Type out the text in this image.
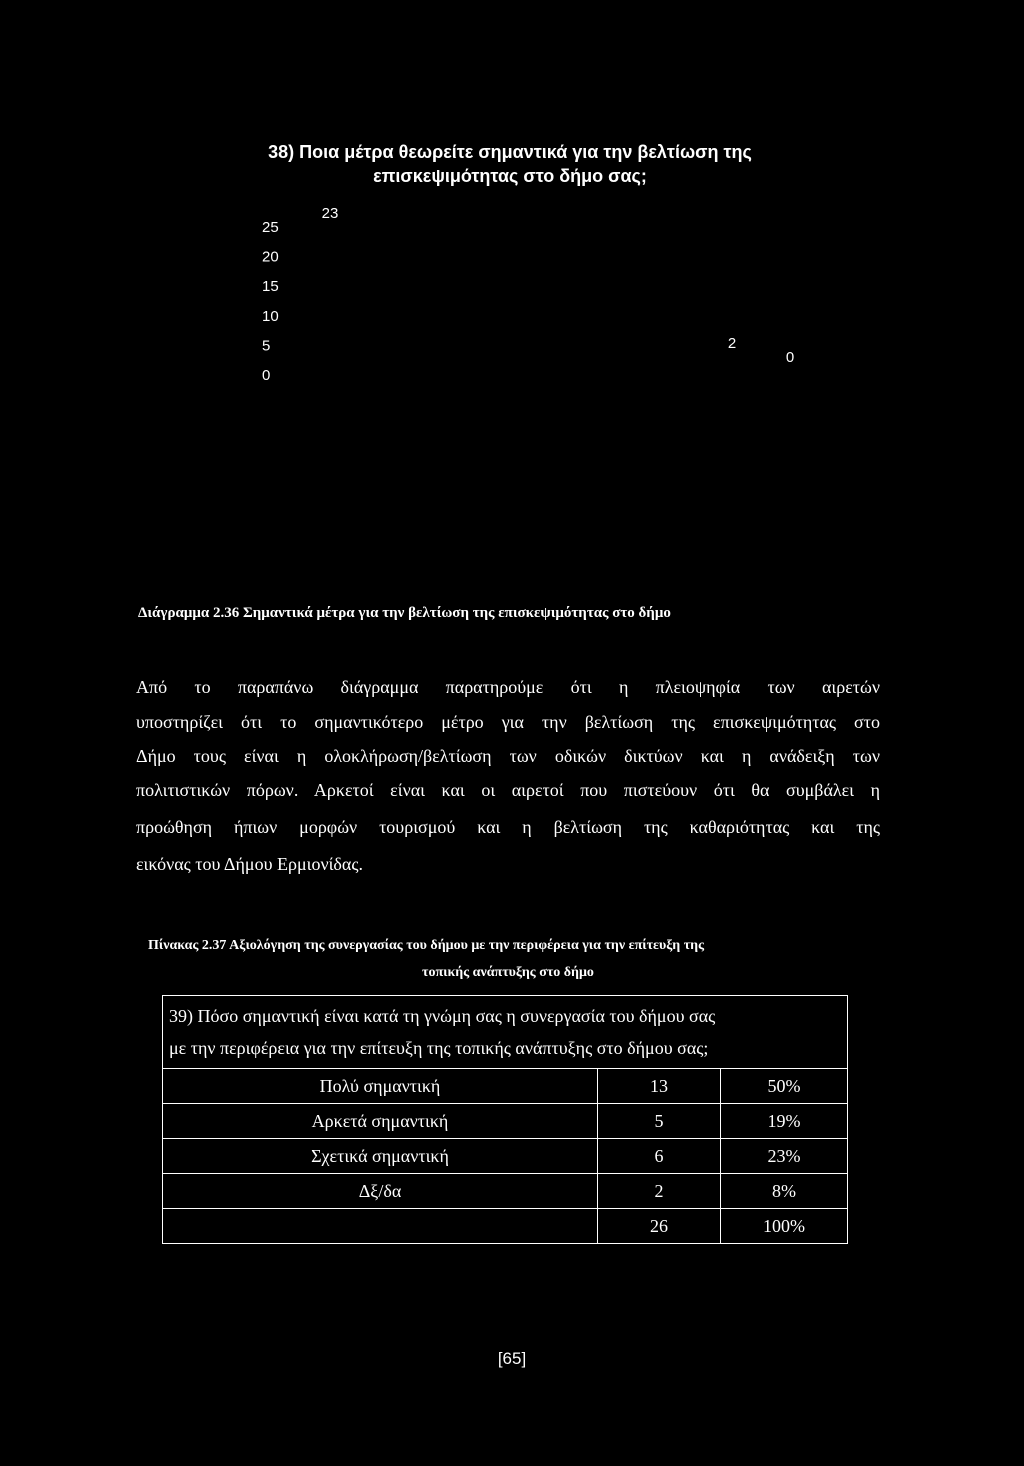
38) Ποια μέτρα θεωρείτε σημαντικά για την βελτίωση της
επισκεψιμότητας στο δήμο σας;
25
20
15
10
5
0
23
2
0
Διάγραμμα 2.36 Σημαντικά μέτρα για την βελτίωση της επισκεψιμότητας στο δήμο
Από το παραπάνω διάγραμμα παρατηρούμε ότι η πλειοψηφία των αιρετών
υποστηρίζει ότι το σημαντικότερο μέτρο για την βελτίωση της επισκεψιμότητας στο
Δήμο τους είναι η ολοκλήρωση/βελτίωση των οδικών δικτύων και η ανάδειξη των
πολιτιστικών πόρων. Αρκετοί είναι και οι αιρετοί που πιστεύουν ότι θα συμβάλει η
προώθηση ήπιων μορφών τουρισμού και η βελτίωση της καθαριότητας και της
εικόνας του Δήμου Ερμιονίδας.
Πίνακας 2.37 Αξιολόγηση της συνεργασίας του δήμου με την περιφέρεια για την επίτευξη της
τοπικής ανάπτυξης στο δήμο
39) Πόσο σημαντική είναι κατά τη γνώμη σας η συνεργασία του δήμου σας
με την περιφέρεια για την επίτευξη της τοπικής ανάπτυξης στο δήμου σας;		

Πολύ σημαντική	13	50%
Αρκετά σημαντική	5	19%
Σχετικά σημαντική	6	23%
Δξ/δα	2	8%
	26	100%
[65]
